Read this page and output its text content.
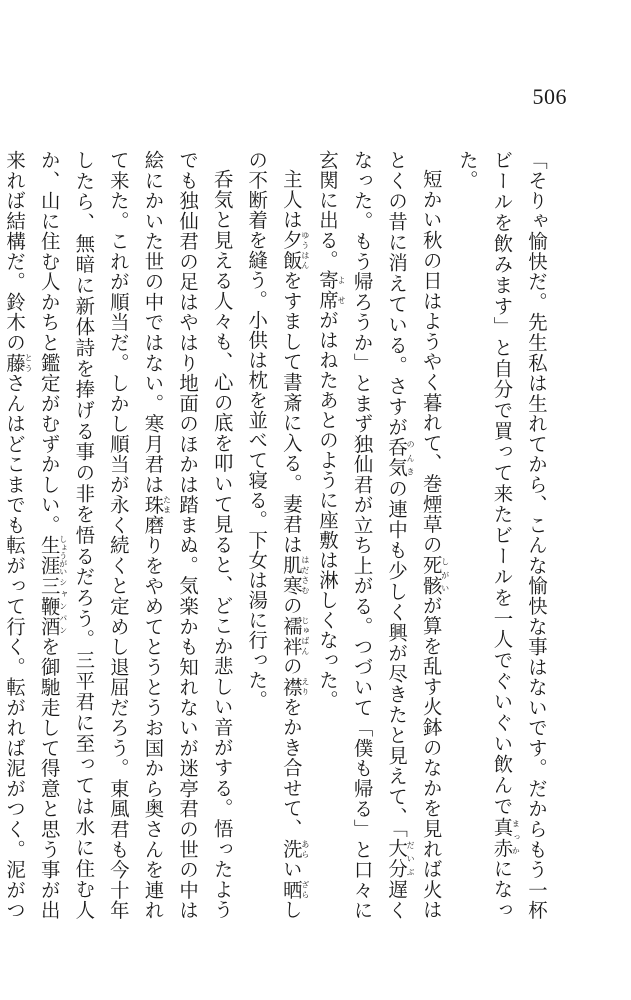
506

「そりゃ愉快だ。先生私は生れてから、こんな愉快な事はないです。だからもう一杯ビールを飲みます」と自分で買って来たビールを一人でぐいぐい飲んで真赤まっかになった。

短かい秋の日はようやく暮れて、巻煙草の死骸しがいが算を乱す火鉢のなかを見れば火はとくの昔に消えている。さすが呑気のんきの連中も少しく興が尽きたと見えて、「大分だいぶ遅くなった。もう帰ろうか」とまず独仙君が立ち上がる。つづいて「僕も帰る」と口々に玄関に出る。寄席よせがはねたあとのように座敷は淋しくなった。

主人は夕飯ゆうはんをすまして書斎に入る。妻君は肌寒はださむの襦袢じゅばんの襟えりをかき合せて、洗あらい晒ざらしの不断着を縫う。小供は枕を並べて寝る。下女は湯に行った。

呑気と見える人々も、心の底を叩いて見ると、どこか悲しい音がする。悟ったようでも独仙君の足はやはり地面のほかは踏まぬ。気楽かも知れないが迷亭君の世の中は絵にかいた世の中ではない。寒月君は珠たま磨りをやめてとうとうお国から奥さんを連れて来た。これが順当だ。しかし順当が永く続くと定めし退屈だろう。東風君も今十年したら、無暗に新体詩を捧げる事の非を悟るだろう。三平君に至っては水に住む人か、山に住む人かちと鑑定がむずかしい。生涯しょうがい三鞭酒シャンパンを御馳走して得意と思う事が出来れば結構だ。鈴木の藤とうさんはどこまでも転がって行く。転がれば泥がつく。泥がつ
